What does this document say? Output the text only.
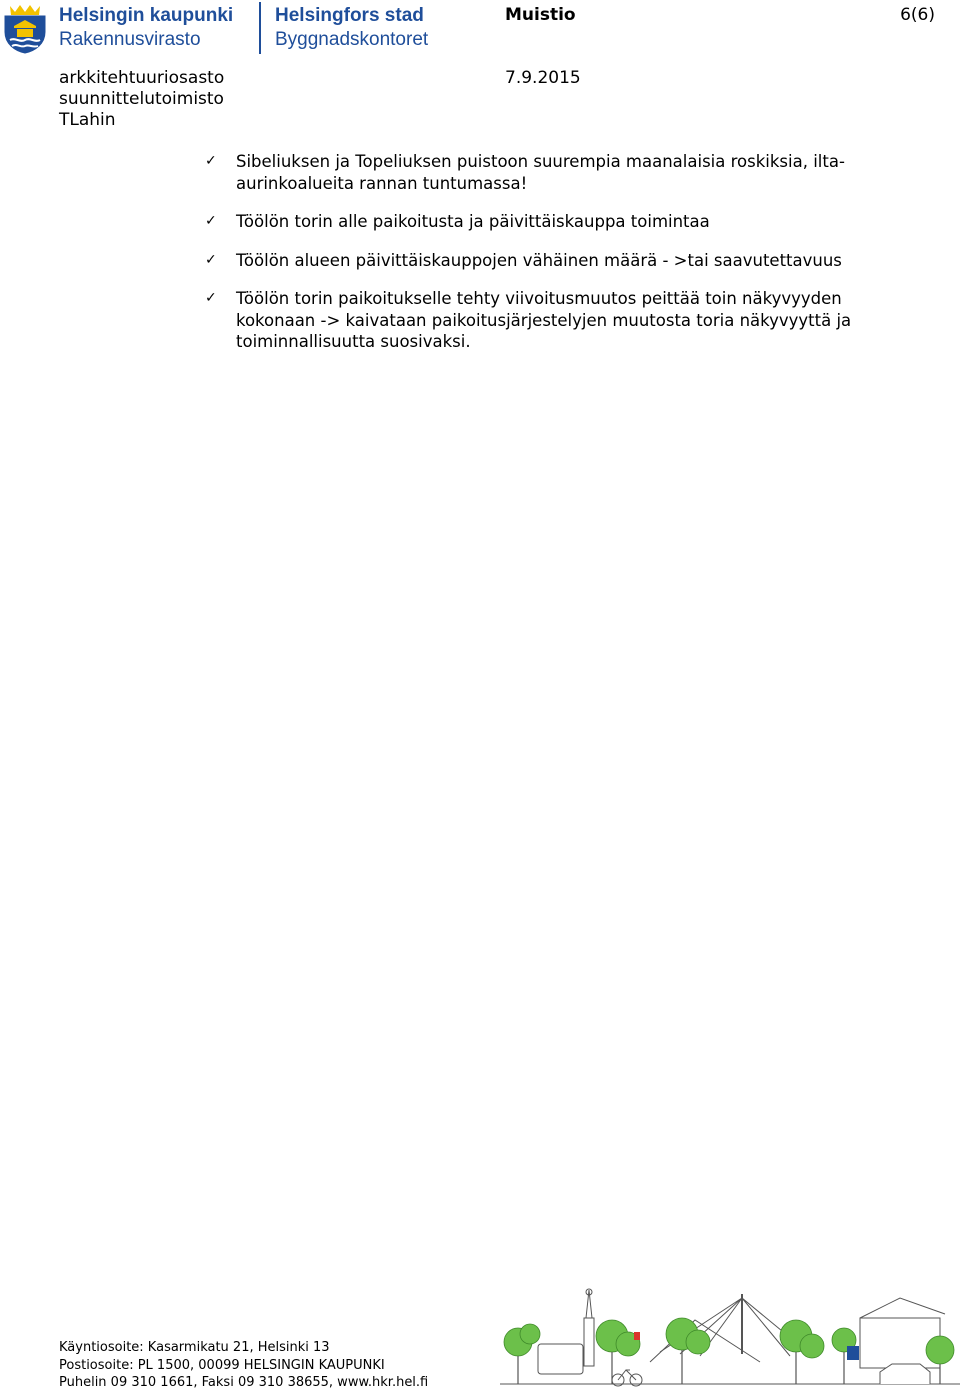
Helsingin kaupunki
Rakennusvirasto
Helsingfors stad
Byggnadskontoret
Muistio	6(6)
arkkitehtuuriosasto
suunnittelutoimisto
TLahin
7.9.2015
✓ Sibeliuksen ja Topeliuksen puistoon suurempia maanalaisia roskiksia, ilta-aurinkoalueita rannan tuntumassa!
✓ Töölön torin alle paikoitusta ja päivittäiskauppa toimintaa
✓ Töölön alueen päivittäiskauppojen vähäinen määrä - >tai saavutettavuus
✓ Töölön torin paikoitukselle tehty viivoitusmuutos peittää toin näkyvyyden kokonaan -> kaivataan paikoitusjärjestelyjen muutosta toria näkyvyyttä ja toiminnallisuutta suosivaksi.
Käyntiosoite: Kasarmikatu 21, Helsinki 13
Postiosoite: PL 1500, 00099 HELSINGIN KAUPUNKI
Puhelin 09 310 1661, Faksi 09 310 38655, www.hkr.hel.fi
